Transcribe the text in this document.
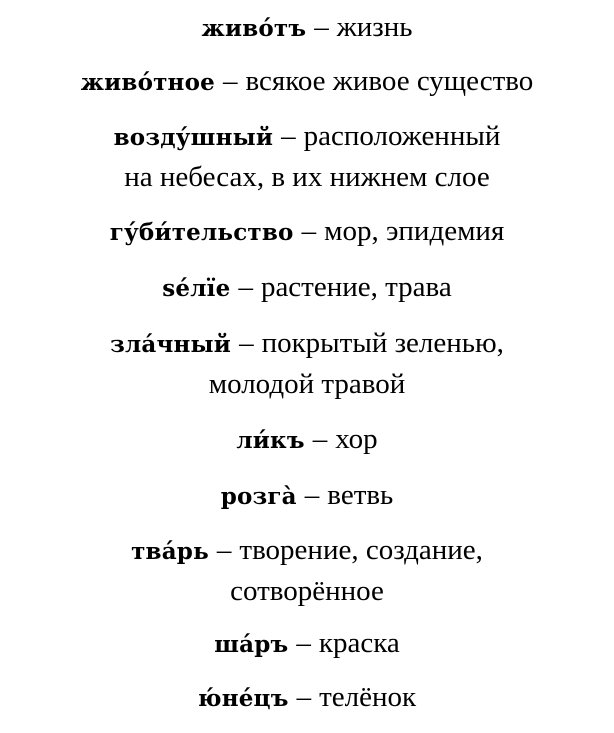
живо́тъ – жизнь
живо́тное – всякое живое существо
возду́шный – расположенный
на небесах, в их нижнем слое
гу́би́тельство – мор, эпидемия
ѕе́лїе – растение, трава
зла́чный – покрытый зеленью,
молодой травой
ли́къ – хор
розга̀ – ветвь
тва́рь – творение, создание,
сотворённое
ша́ръ – краска
ю́не́цъ – телёнок
